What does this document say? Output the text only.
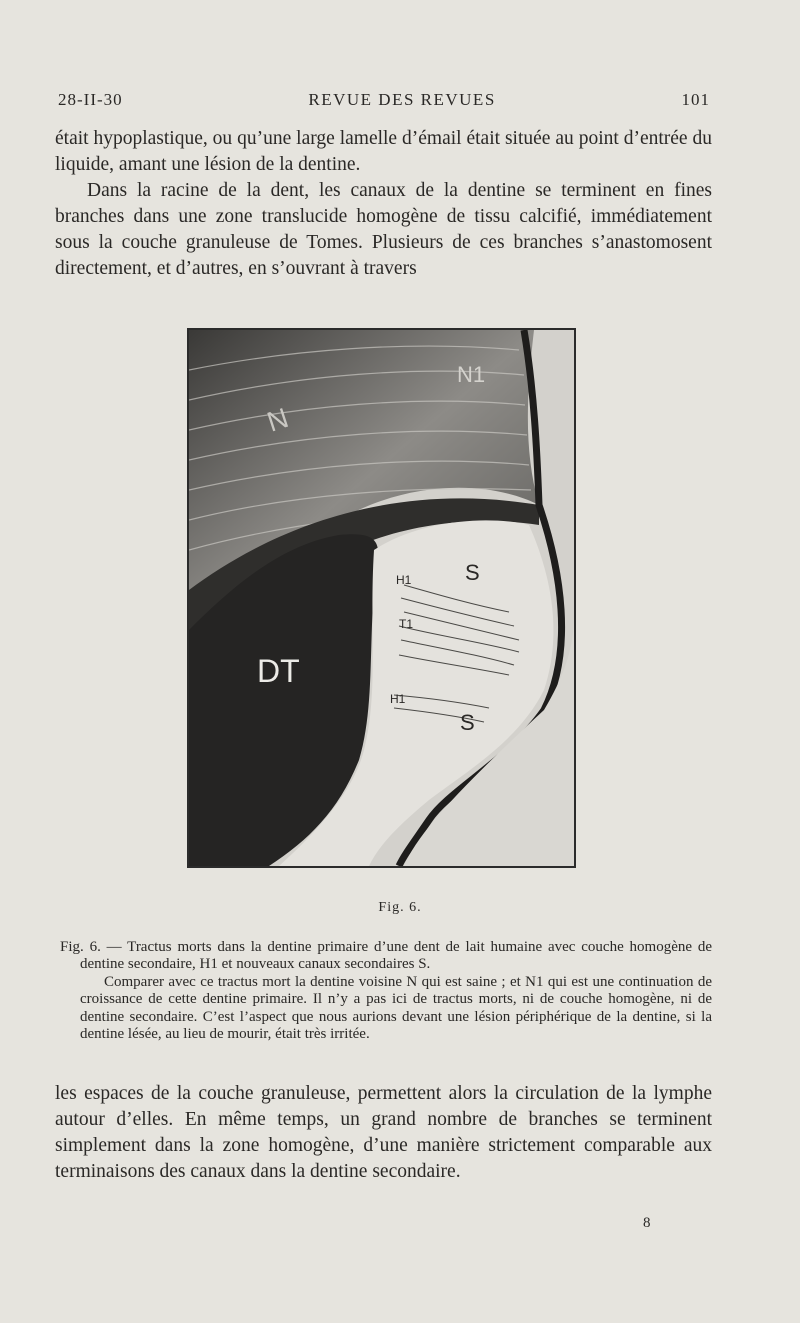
28-II-30	REVUE DES REVUES	101

était hypoplastique, ou qu’une large lamelle d’émail était située au point d’entrée du liquide, amant une lésion de la dentine.

Dans la racine de la dent, les canaux de la dentine se terminent en fines branches dans une zone translucide homogène de tissu calcifié, immédiatement sous la couche granuleuse de Tomes. Plusieurs de ces branches s’anastomosent directement, et d’autres, en s’ouvrant à travers

N
N1
DT
H1
T1
H1
S
S
Fig. 6.

Fig. 6. — Tractus morts dans la dentine primaire d’une dent de lait humaine avec couche homogène de dentine secondaire, H1 et nouveaux canaux secondaires S.

Comparer avec ce tractus mort la dentine voisine N qui est saine ; et N1 qui est une continuation de croissance de cette dentine primaire. Il n’y a pas ici de tractus morts, ni de couche homogène, ni de dentine secondaire. C’est l’aspect que nous aurions devant une lésion périphérique de la dentine, si la dentine lésée, au lieu de mourir, était très irritée.

les espaces de la couche granuleuse, permettent alors la circulation de la lymphe autour d’elles. En même temps, un grand nombre de branches se terminent simplement dans la zone homogène, d’une manière strictement comparable aux terminaisons des canaux dans la dentine secondaire.

8
